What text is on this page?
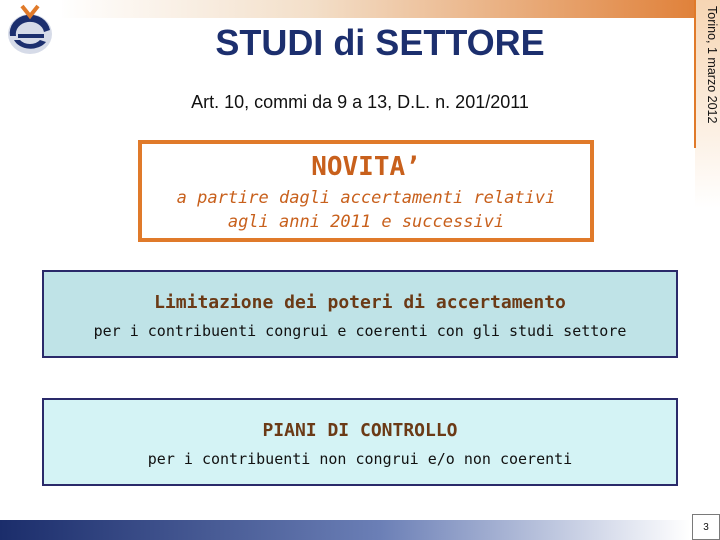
Torino, 1 marzo 2012
STUDI di SETTORE
Art. 10, commi da 9 a 13, D.L. n. 201/2011
NOVITA’
a partire dagli accertamenti relativi
agli anni 2011 e successivi
Limitazione dei poteri di accertamento
per i contribuenti congrui e coerenti con gli studi settore
PIANI DI CONTROLLO
per i contribuenti non congrui e/o non coerenti
3
